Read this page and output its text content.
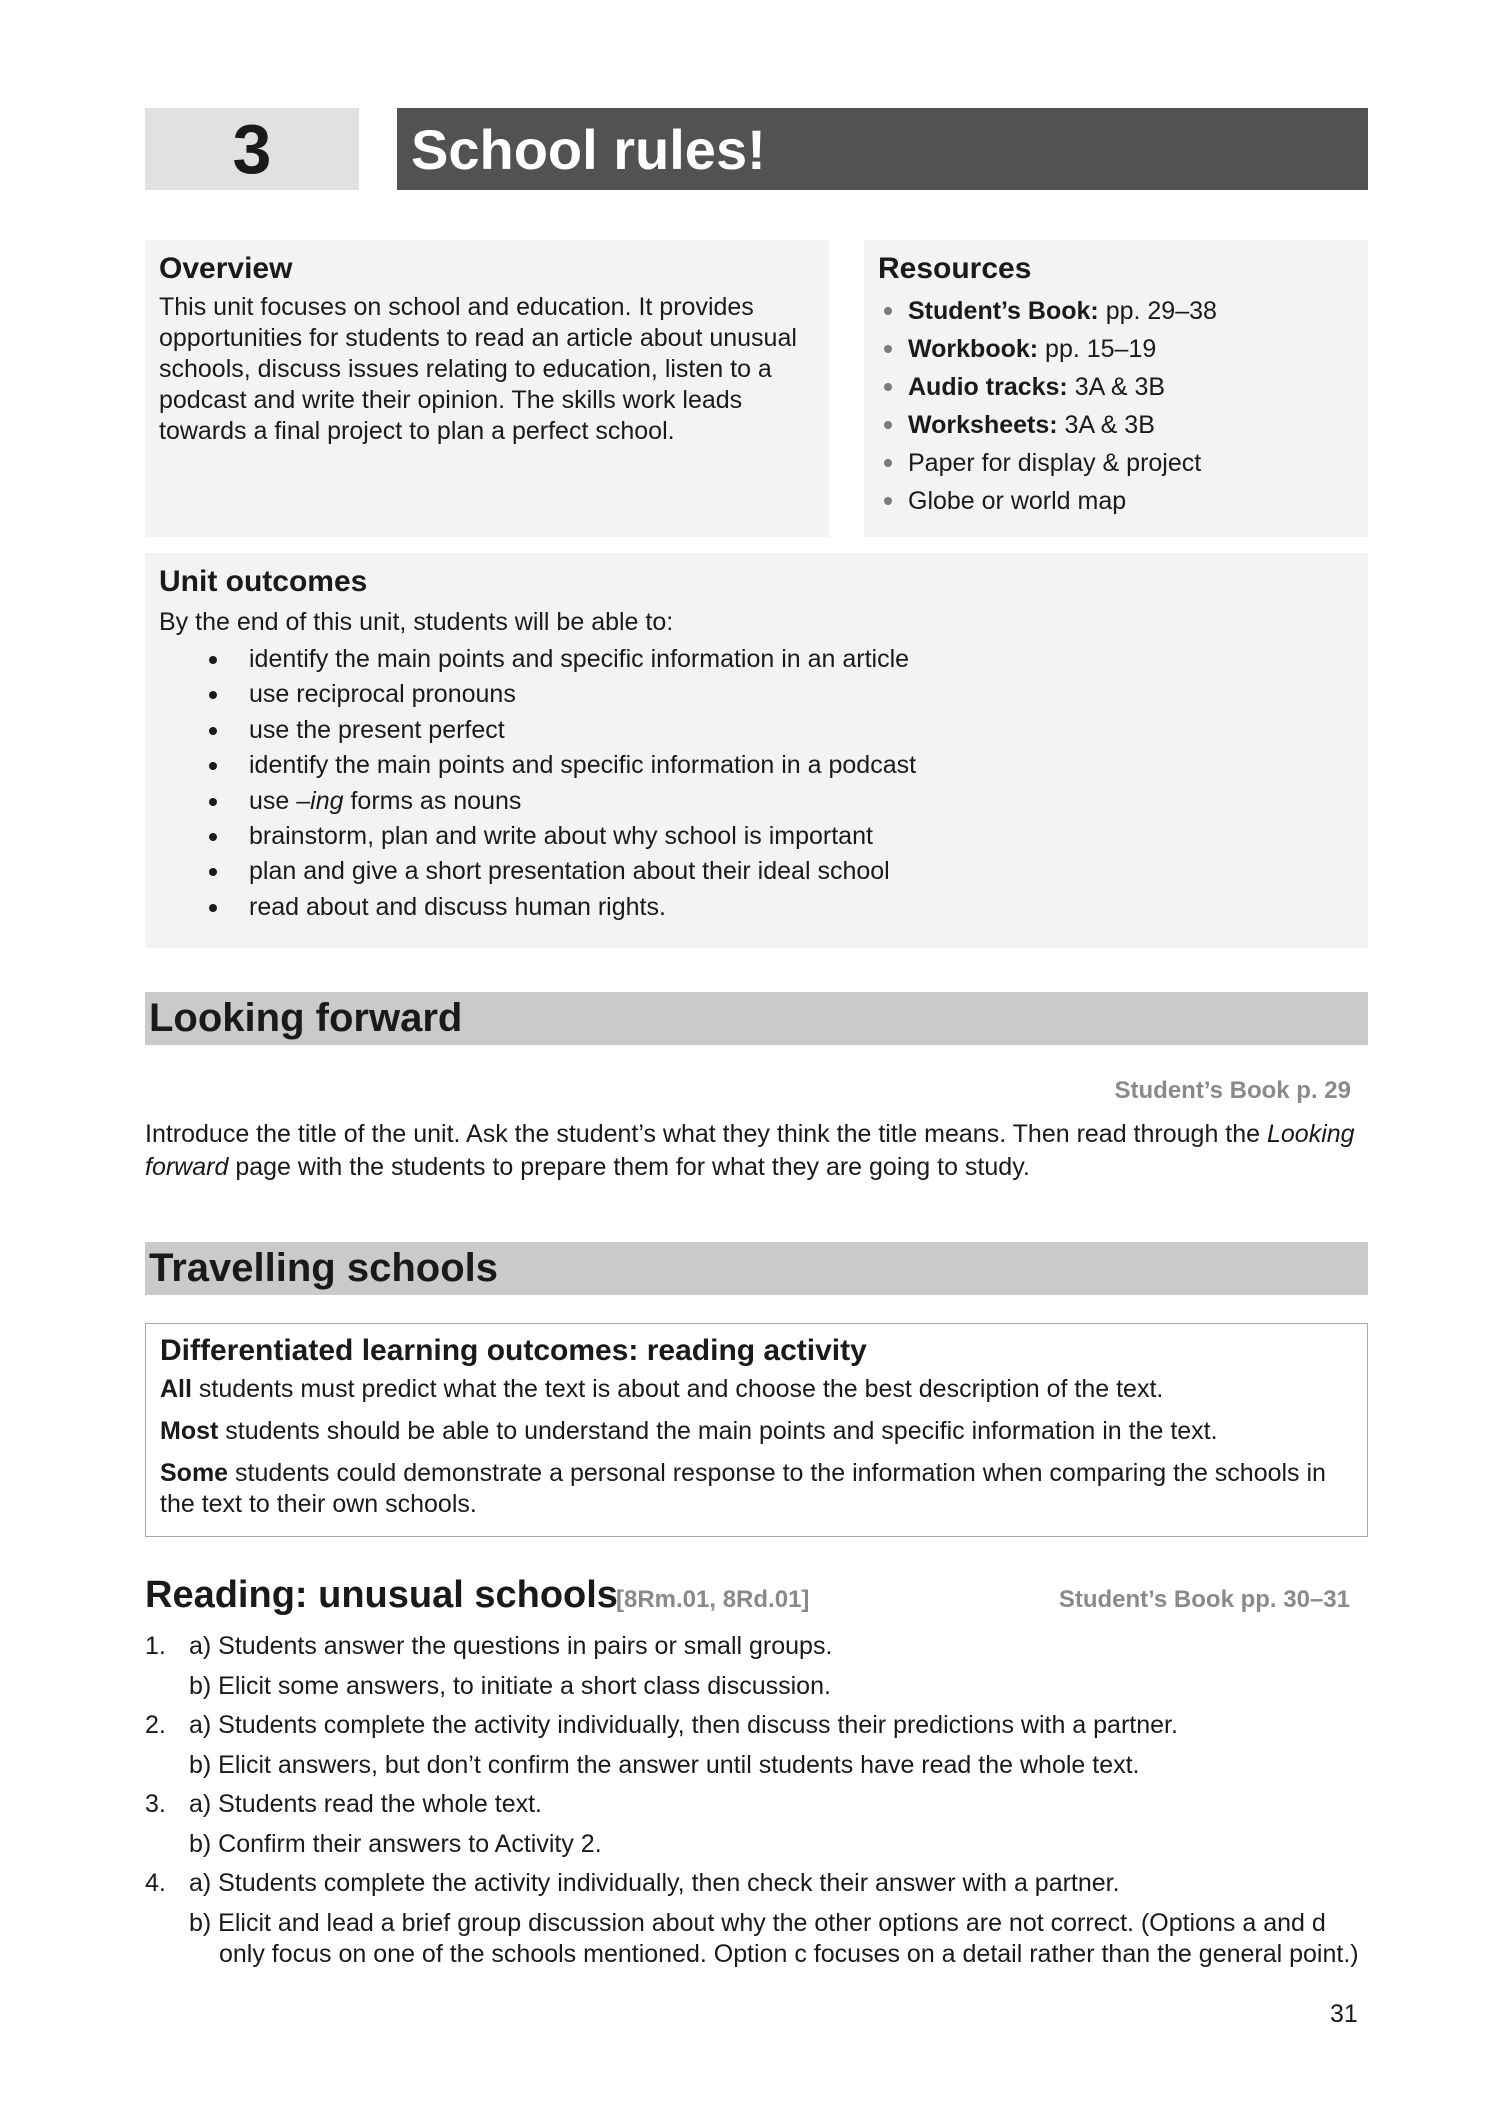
3	School rules!
Overview

This unit focuses on school and education. It provides opportunities for students to read an article about unusual schools, discuss issues relating to education, listen to a podcast and write their opinion. The skills work leads towards a final project to plan a perfect school.

Resources
Student’s Book: pp. 29–38
Workbook: pp. 15–19
Audio tracks: 3A & 3B
Worksheets: 3A & 3B
Paper for display & project
Globe or world map
Unit outcomes

By the end of this unit, students will be able to:

identify the main points and specific information in an article
use reciprocal pronouns
use the present perfect
identify the main points and specific information in a podcast
use –ing forms as nouns
brainstorm, plan and write about why school is important
plan and give a short presentation about their ideal school
read about and discuss human rights.
Looking forward
Student’s Book p. 29

Introduce the title of the unit. Ask the student’s what they think the title means. Then read through the Looking forward page with the students to prepare them for what they are going to study.

Travelling schools
Differentiated learning outcomes: reading activity

All students must predict what the text is about and choose the best description of the text.

Most students should be able to understand the main points and specific information in the text.

Some students could demonstrate a personal response to the information when comparing the schools in the text to their own schools.

Reading: unusual schools
[8Rm.01, 8Rd.01]	Student’s Book pp. 30–31
1. a) Students answer the questions in pairs or small groups.
b) Elicit some answers, to initiate a short class discussion.
2. a) Students complete the activity individually, then discuss their predictions with a partner.
b) Elicit answers, but don’t confirm the answer until students have read the whole text.
3. a) Students read the whole text.
b) Confirm their answers to Activity 2.
4. a) Students complete the activity individually, then check their answer with a partner.
b) Elicit and lead a brief group discussion about why the other options are not correct. (Options a and d only focus on one of the schools mentioned. Option c focuses on a detail rather than the general point.)
31
